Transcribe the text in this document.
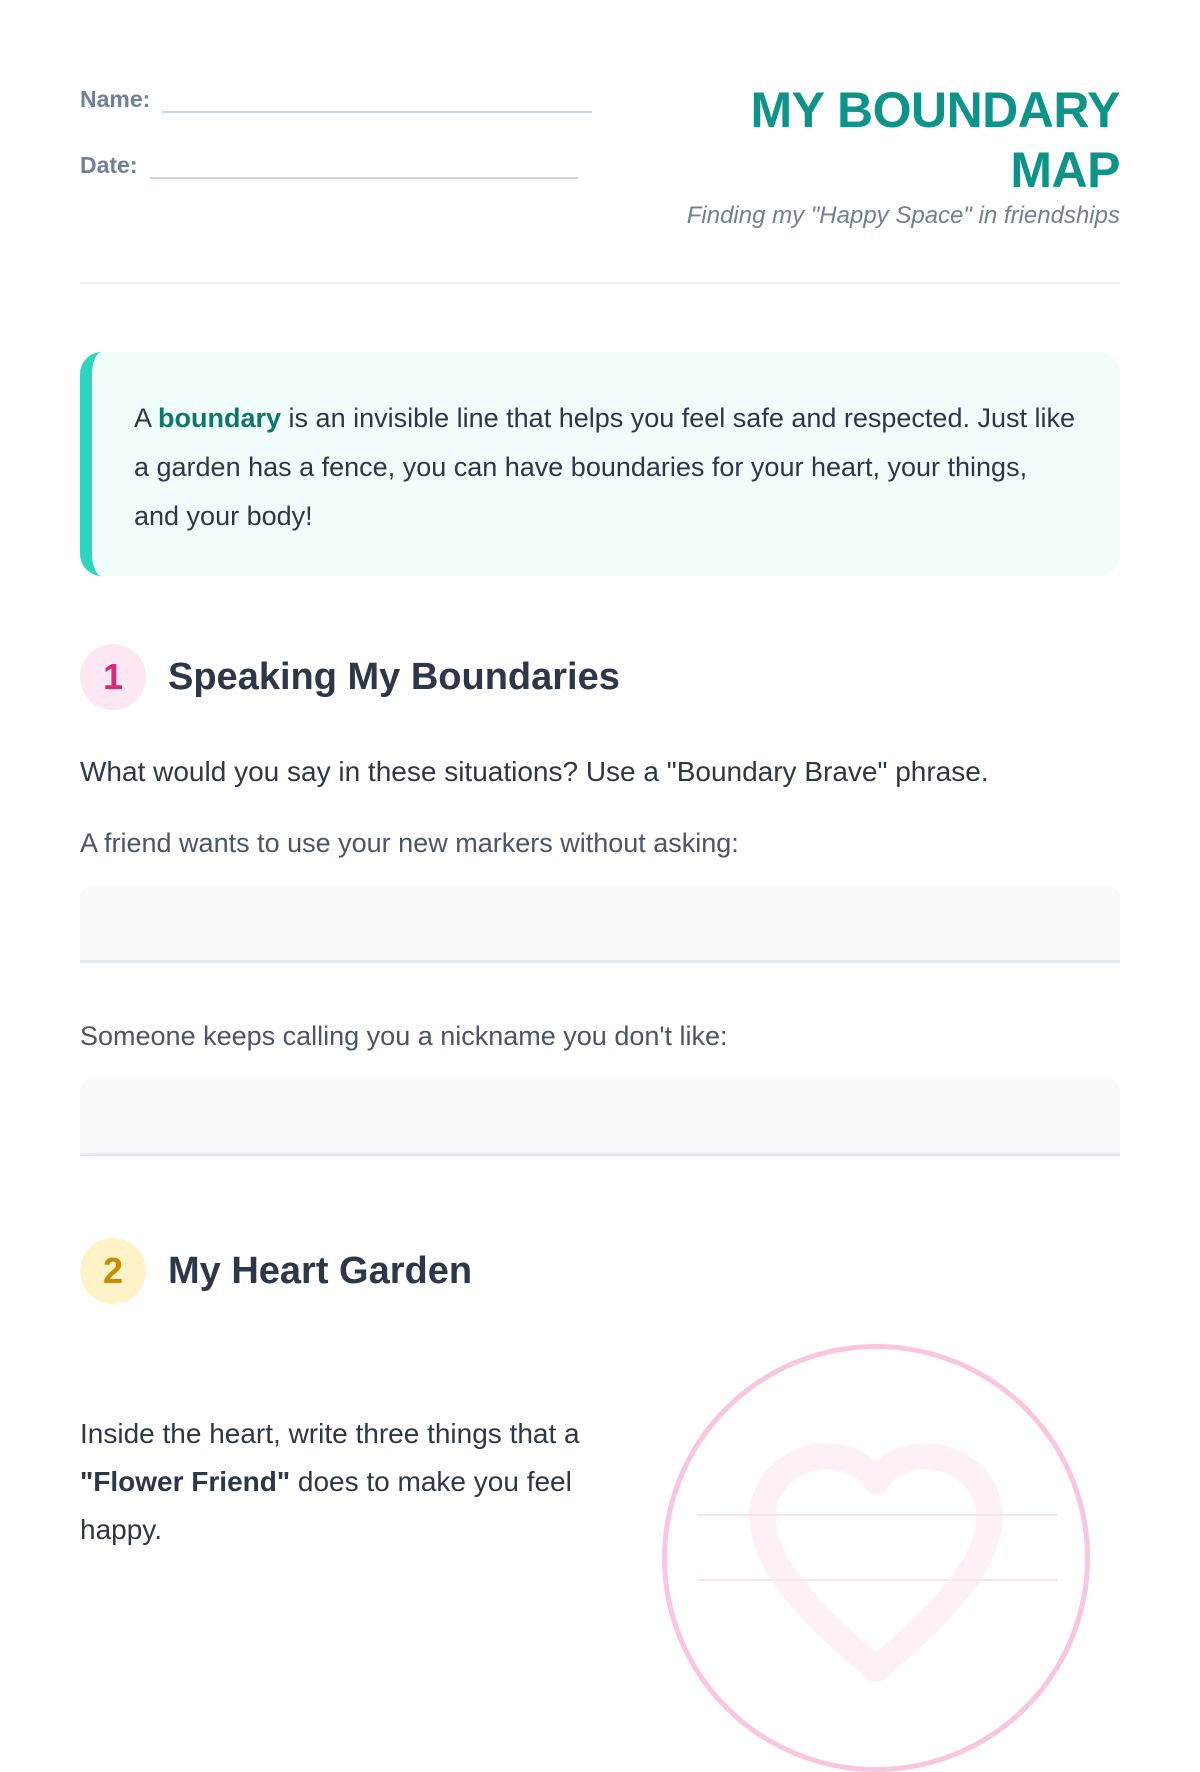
Name:
Date:
MY BOUNDARY
MAP

Finding my "Happy Space" in friendships

A boundary is an invisible line that helps you feel safe and respected. Just like a garden has a fence, you can have boundaries for your heart, your things, and your body!
1	Speaking My Boundaries

What would you say in these situations? Use a "Boundary Brave" phrase.

A friend wants to use your new markers without asking:

Someone keeps calling you a nickname you don't like:

2	My Heart Garden

Inside the heart, write three things that a "Flower Friend" does to make you feel happy.
